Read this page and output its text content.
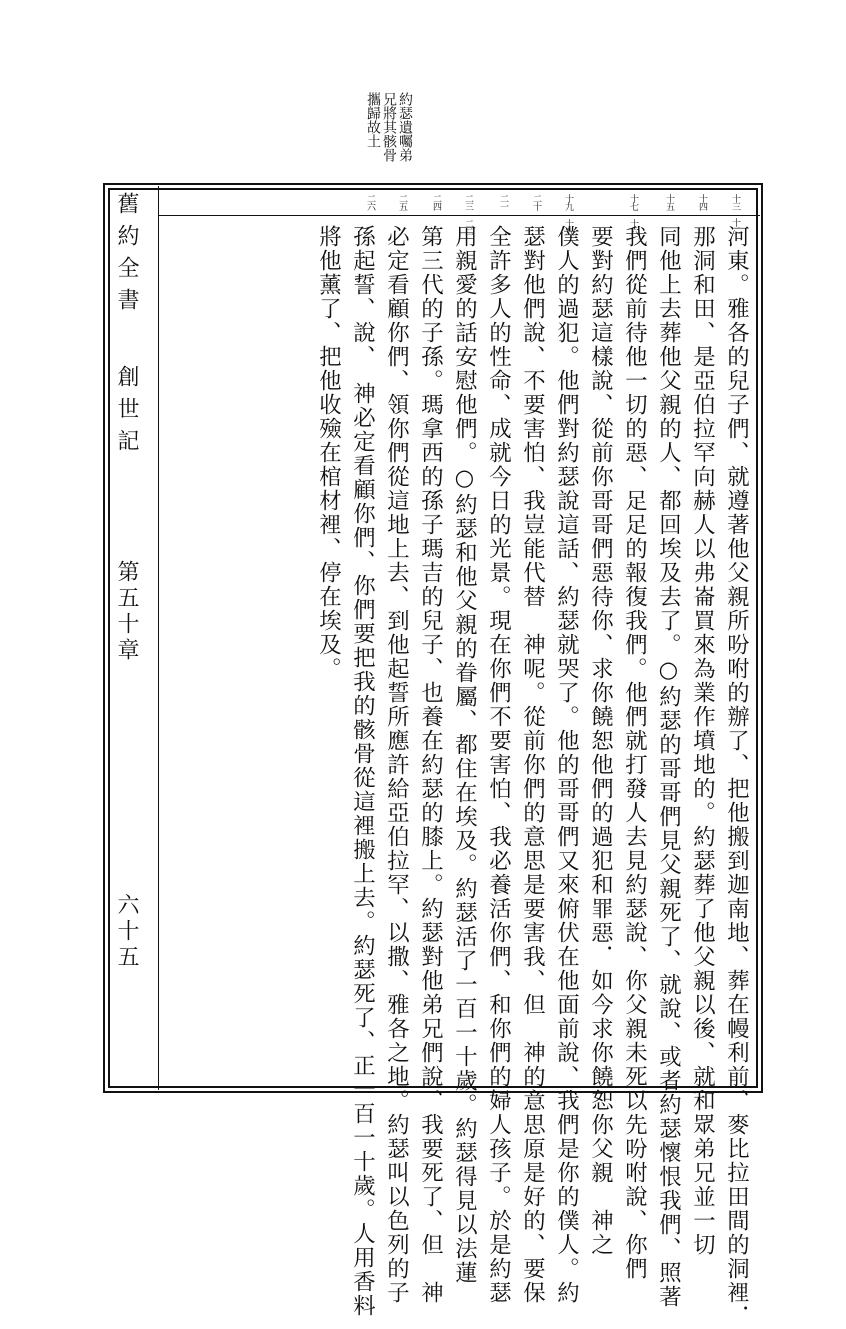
約瑟遺囑弟
兄將其骸骨
攜歸故土
舊約全書
創世記
第五十章
六十五
十三　十二
十四
十五
十七 十六
十九 十八
二十
二一
二三 二二
二四
二五
二六
河東。雅各的兒子們、就遵著他父親所吩咐的辦了、把他搬到迦南地、葬在幔利前、麥比拉田間的洞裡．
那洞和田、是亞伯拉罕向赫人以弗崙買來為業作墳地的。約瑟葬了他父親以後、就和眾弟兄並一切
同他上去葬他父親的人、都回埃及去了。○約瑟的哥哥們見父親死了、就說、或者約瑟懷恨我們、照著
我們從前待他一切的惡、足足的報復我們。他們就打發人去見約瑟說、你父親未死以先吩咐說、你們
要對約瑟這樣說、從前你哥哥們惡待你、求你饒恕他們的過犯和罪惡．如今求你饒恕你父親　神之
僕人的過犯。他們對約瑟說這話、約瑟就哭了。他的哥哥們又來俯伏在他面前說、我們是你的僕人。約
瑟對他們說、不要害怕、我豈能代替　神呢。從前你們的意思是要害我、但　神的意思原是好的、要保
全許多人的性命、成就今日的光景。現在你們不要害怕、我必養活你們、和你們的婦人孩子。於是約瑟
用親愛的話安慰他們。○約瑟和他父親的眷屬、都住在埃及。約瑟活了一百一十歲。約瑟得見以法蓮
第三代的子孫。瑪拿西的孫子瑪吉的兒子、也養在約瑟的膝上。約瑟對他弟兄們說、我要死了、但　神
必定看顧你們、領你們從這地上去、到他起誓所應許給亞伯拉罕、以撒、雅各之地。約瑟叫以色列的子
孫起誓、說、　神必定看顧你們、你們要把我的骸骨從這裡搬上去。約瑟死了、正一百一十歲。人用香料
將他薰了、把他收殮在棺材裡、停在埃及。
